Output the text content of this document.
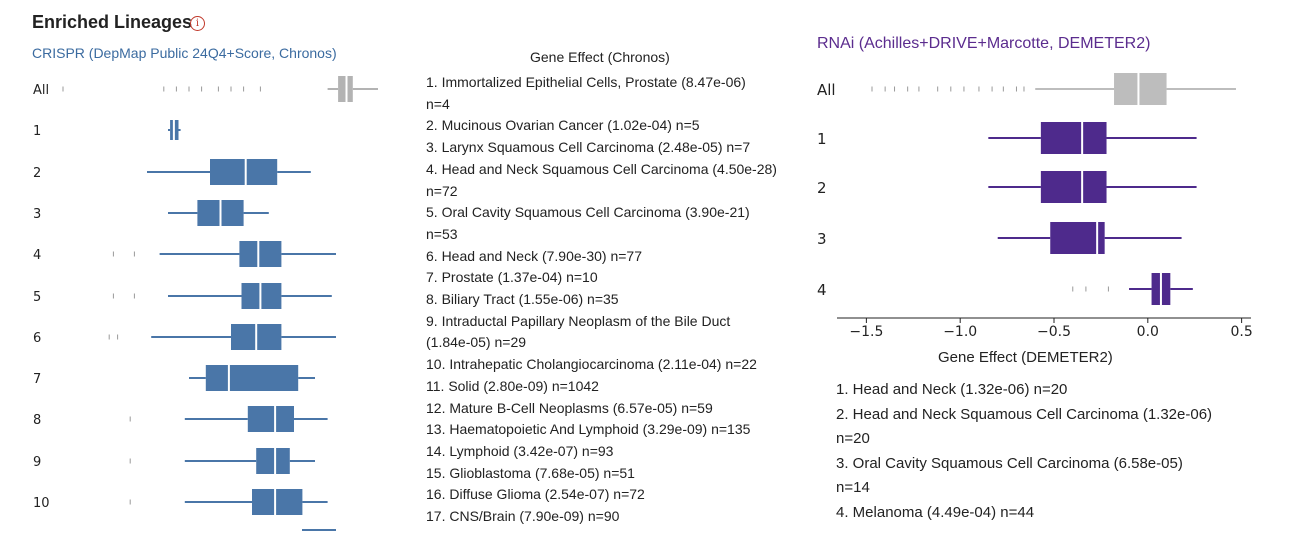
Enriched Lineages i
CRISPR (DepMap Public 24Q4+Score, Chronos)	Gene Effect (Chronos)
All
1
2
3
4
5
6
7
8
9
10
1. Immortalized Epithelial Cells, Prostate (8.47e-06)
n=4
2. Mucinous Ovarian Cancer (1.02e-04) n=5
3. Larynx Squamous Cell Carcinoma (2.48e-05) n=7
4. Head and Neck Squamous Cell Carcinoma (4.50e-28)
n=72
5. Oral Cavity Squamous Cell Carcinoma (3.90e-21)
n=53
6. Head and Neck (7.90e-30) n=77
7. Prostate (1.37e-04) n=10
8. Biliary Tract (1.55e-06) n=35
9. Intraductal Papillary Neoplasm of the Bile Duct
(1.84e-05) n=29
10. Intrahepatic Cholangiocarcinoma (2.11e-04) n=22
11. Solid (2.80e-09) n=1042
12. Mature B-Cell Neoplasms (6.57e-05) n=59
13. Haematopoietic And Lymphoid (3.29e-09) n=135
14. Lymphoid (3.42e-07) n=93
15. Glioblastoma (7.68e-05) n=51
16. Diffuse Glioma (2.54e-07) n=72
17. CNS/Brain (7.90e-09) n=90
RNAi (Achilles+DRIVE+Marcotte, DEMETER2)
All
1
2
3
4
−1.5	−1.0	−0.5	0.0	0.5
Gene Effect (DEMETER2)
1. Head and Neck (1.32e-06) n=20
2. Head and Neck Squamous Cell Carcinoma (1.32e-06)
n=20
3. Oral Cavity Squamous Cell Carcinoma (6.58e-05)
n=14
4. Melanoma (4.49e-04) n=44
